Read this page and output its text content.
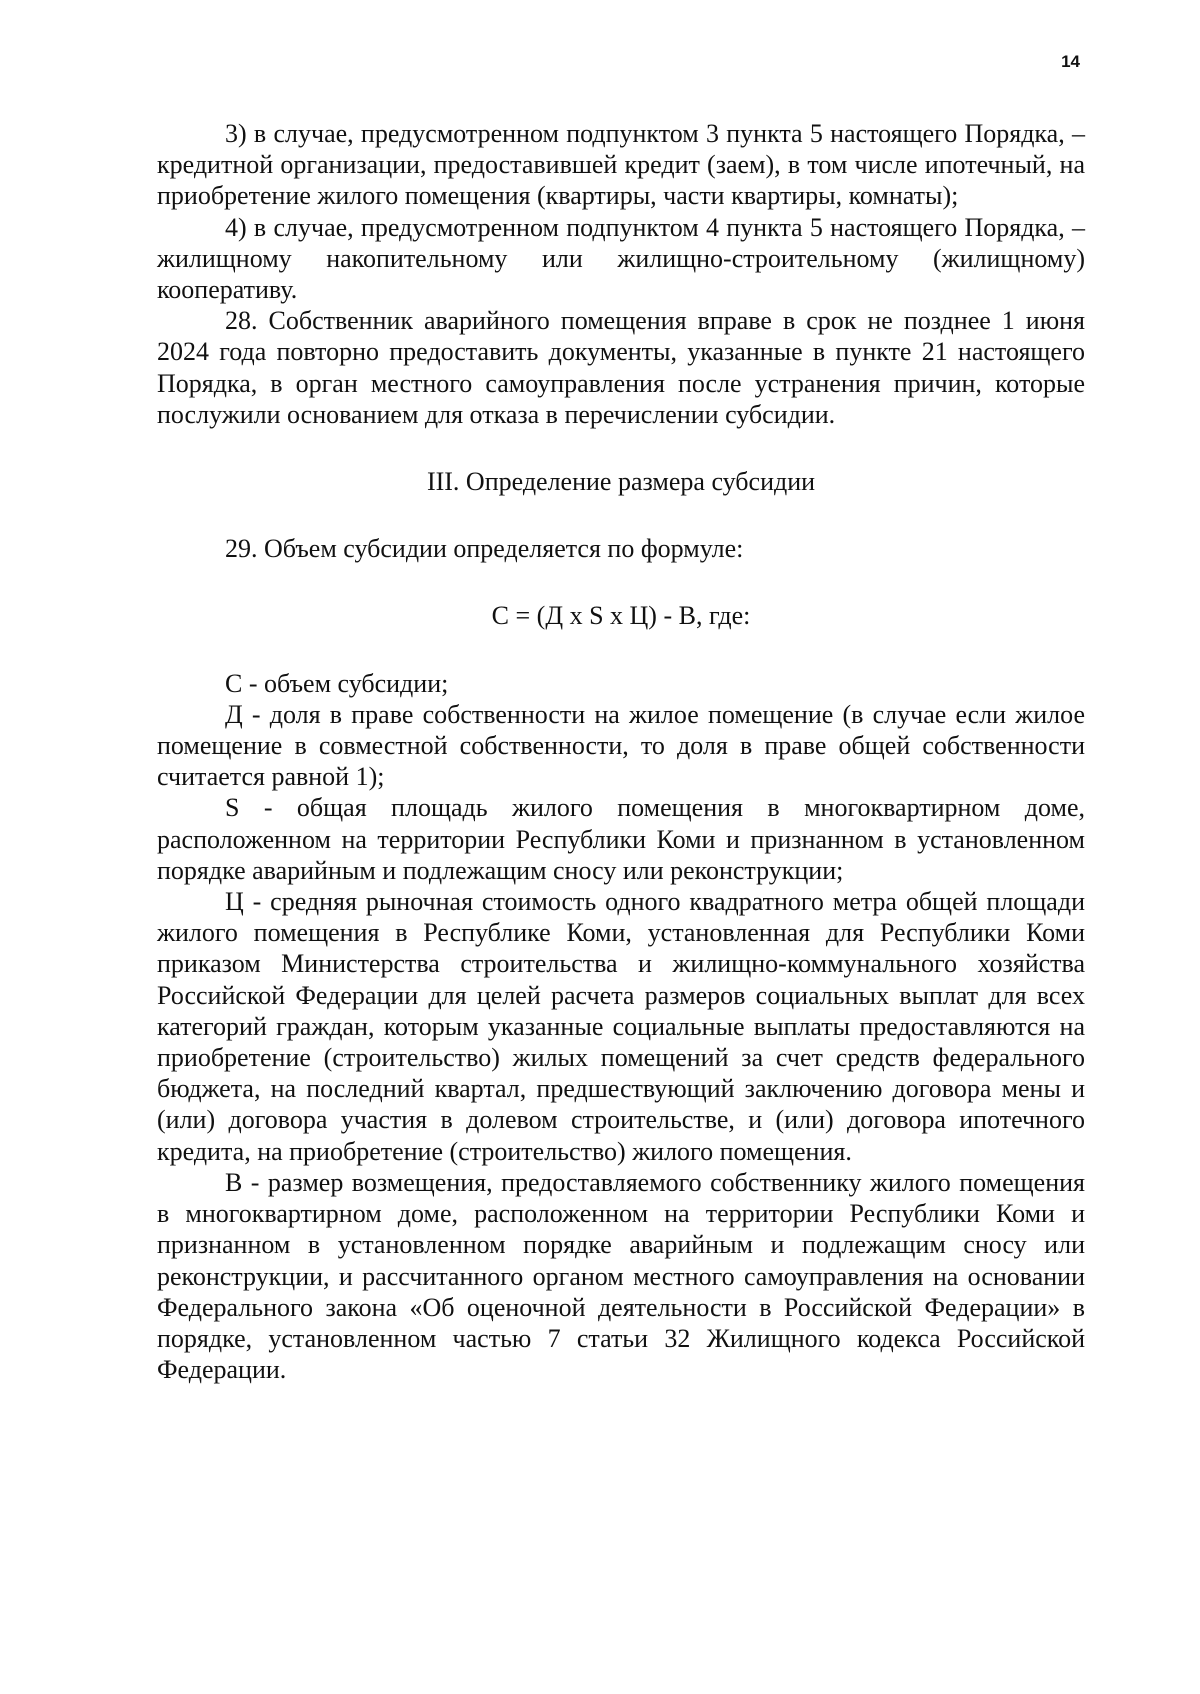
14

3) в случае, предусмотренном подпунктом 3 пункта 5 настоящего Порядка, – кредитной организации, предоставившей кредит (заем), в том числе ипотечный, на приобретение жилого помещения (квартиры, части квартиры, комнаты);

4) в случае, предусмотренном подпунктом 4 пункта 5 настоящего Порядка, – жилищному накопительному или жилищно-строительному (жилищному) кооперативу.

28. Собственник аварийного помещения вправе в срок не позднее 1 июня 2024 года повторно предоставить документы, указанные в пункте 21 настоящего Порядка, в орган местного самоуправления после устранения причин, которые послужили основанием для отказа в перечислении субсидии.

III. Определение размера субсидии

29. Объем субсидии определяется по формуле:

С = (Д x S x Ц) - В, где:

С - объем субсидии;

Д - доля в праве собственности на жилое помещение (в случае если жилое помещение в совместной собственности, то доля в праве общей собственности считается равной 1);

S - общая площадь жилого помещения в многоквартирном доме, расположенном на территории Республики Коми и признанном в установленном порядке аварийным и подлежащим сносу или реконструкции;

Ц - средняя рыночная стоимость одного квадратного метра общей площади жилого помещения в Республике Коми, установленная для Республики Коми приказом Министерства строительства и жилищно-коммунального хозяйства Российской Федерации для целей расчета размеров социальных выплат для всех категорий граждан, которым указанные социальные выплаты предоставляются на приобретение (строительство) жилых помещений за счет средств федерального бюджета, на последний квартал, предшествующий заключению договора мены и (или) договора участия в долевом строительстве, и (или) договора ипотечного кредита, на приобретение (строительство) жилого помещения.

В - размер возмещения, предоставляемого собственнику жилого помещения в многоквартирном доме, расположенном на территории Республики Коми и признанном в установленном порядке аварийным и подлежащим сносу или реконструкции, и рассчитанного органом местного самоуправления на основании Федерального закона «Об оценочной деятельности в Российской Федерации» в порядке, установленном частью 7 статьи 32 Жилищного кодекса Российской Федерации.
